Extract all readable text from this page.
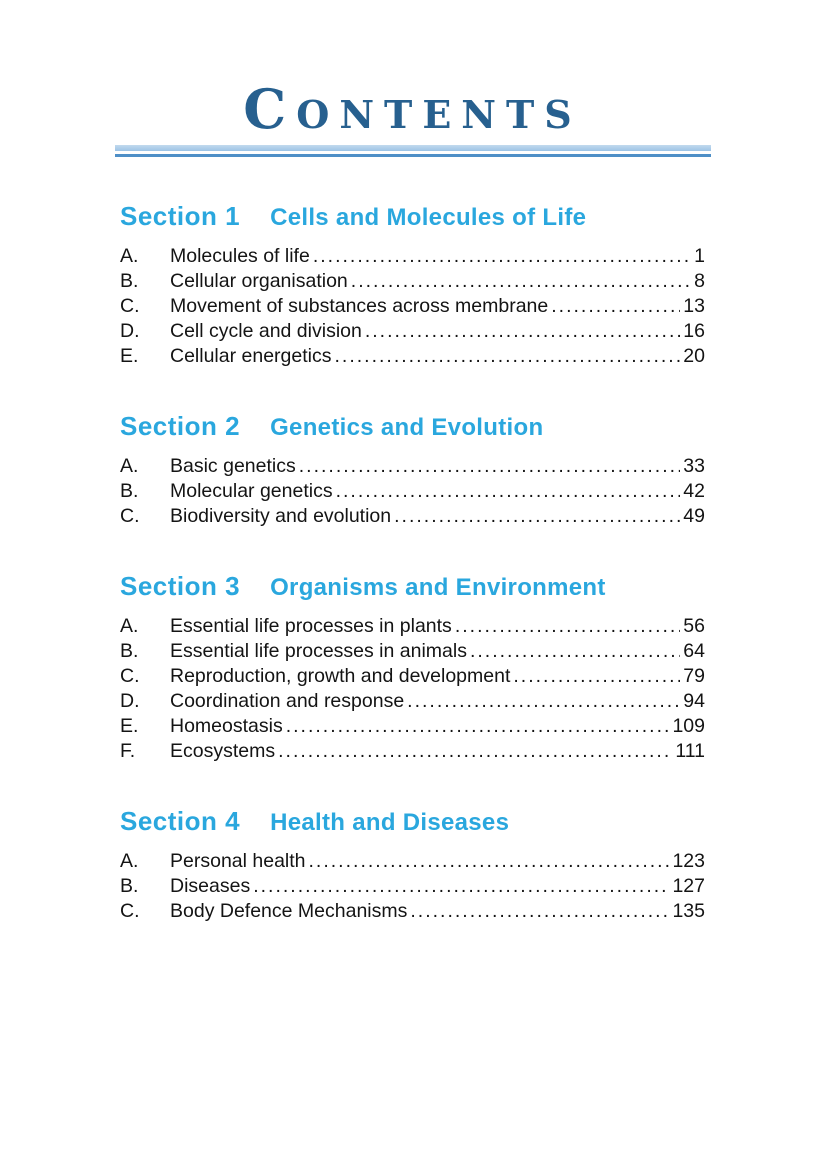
Contents
Section 1 Cells and Molecules of Life
A.	Molecules of life .....	1
B.	Cellular organisation .....	8
C.	Movement of substances across membrane .....	13
D.	Cell cycle and division .....	16
E.	Cellular energetics .....	20
Section 2 Genetics and Evolution
A.	Basic genetics .....	33
B.	Molecular genetics .....	42
C.	Biodiversity and evolution .....	49
Section 3 Organisms and Environment
A.	Essential life processes in plants .....	56
B.	Essential life processes in animals .....	64
C.	Reproduction, growth and development .....	79
D.	Coordination and response .....	94
E.	Homeostasis .....	109
F.	Ecosystems .....	111
Section 4 Health and Diseases
A.	Personal health .....	123
B.	Diseases .....	127
C.	Body Defence Mechanisms .....	135
